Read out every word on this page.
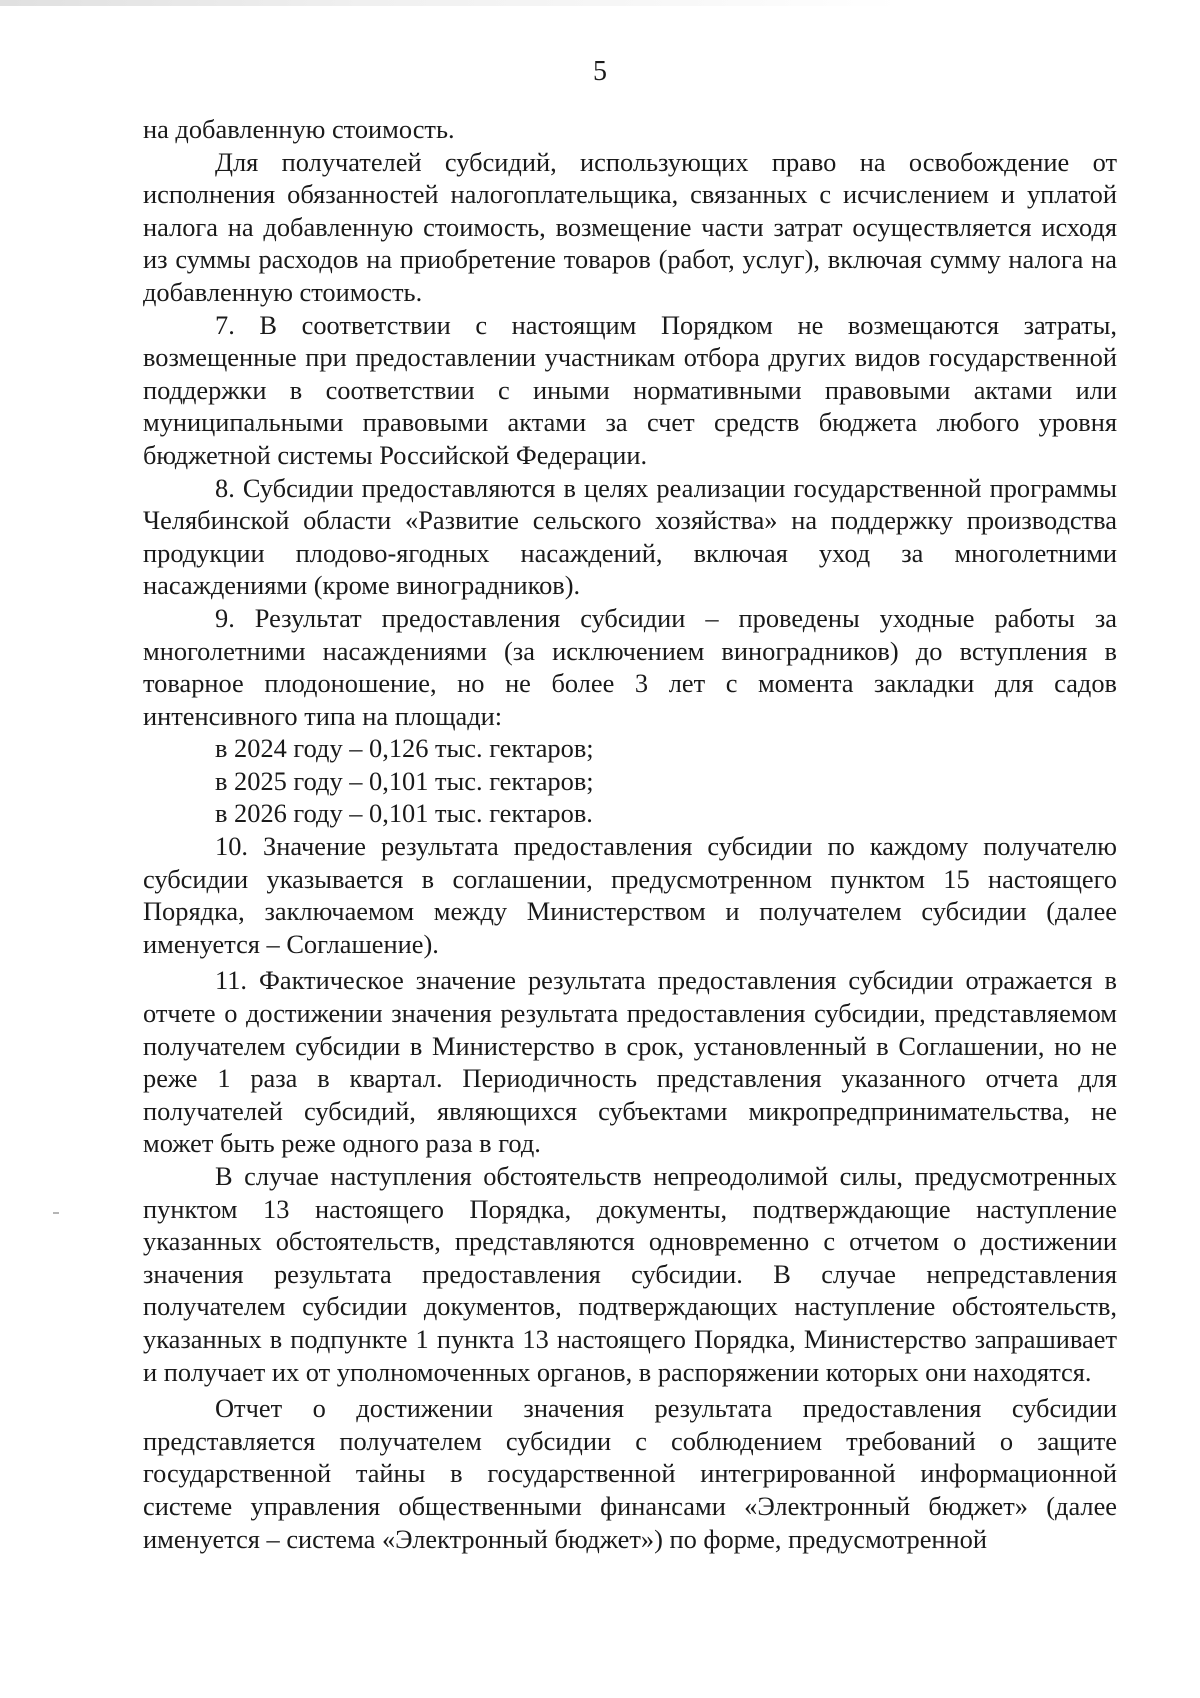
5

на добавленную стоимость.

Для получателей субсидий, использующих право на освобождение от исполнения обязанностей налогоплательщика, связанных с исчислением и уплатой налога на добавленную стоимость, возмещение части затрат осуществляется исходя из суммы расходов на приобретение товаров (работ, услуг), включая сумму налога на добавленную стоимость.

7. В соответствии с настоящим Порядком не возмещаются затраты, возмещенные при предоставлении участникам отбора других видов государственной поддержки в соответствии с иными нормативными правовыми актами или муниципальными правовыми актами за счет средств бюджета любого уровня бюджетной системы Российской Федерации.

8. Субсидии предоставляются в целях реализации государственной программы Челябинской области «Развитие сельского хозяйства» на поддержку производства продукции плодово-ягодных насаждений, включая уход за многолетними насаждениями (кроме виноградников).

9. Результат предоставления субсидии – проведены уходные работы за многолетними насаждениями (за исключением виноградников) до вступления в товарное плодоношение, но не более 3 лет с момента закладки для садов интенсивного типа на площади:

в 2024 году – 0,126 тыс. гектаров;

в 2025 году – 0,101 тыс. гектаров;

в 2026 году – 0,101 тыс. гектаров.

10. Значение результата предоставления субсидии по каждому получателю субсидии указывается в соглашении, предусмотренном пунктом 15 настоящего Порядка, заключаемом между Министерством и получателем субсидии (далее именуется – Соглашение).

11. Фактическое значение результата предоставления субсидии отражается в отчете о достижении значения результата предоставления субсидии, представляемом получателем субсидии в Министерство в срок, установленный в Соглашении, но не реже 1 раза в квартал. Периодичность представления указанного отчета для получателей субсидий, являющихся субъектами микропредпринимательства, не может быть реже одного раза в год.

В случае наступления обстоятельств непреодолимой силы, предусмотренных пунктом 13 настоящего Порядка, документы, подтверждающие наступление указанных обстоятельств, представляются одновременно с отчетом о достижении значения результата предоставления субсидии. В случае непредставления получателем субсидии документов, подтверждающих наступление обстоятельств, указанных в подпункте 1 пункта 13 настоящего Порядка, Министерство запрашивает и получает их от уполномоченных органов, в распоряжении которых они находятся.

Отчет о достижении значения результата предоставления субсидии представляется получателем субсидии с соблюдением требований о защите государственной тайны в государственной интегрированной информационной системе управления общественными финансами «Электронный бюджет» (далее именуется – система «Электронный бюджет») по форме, предусмотренной
